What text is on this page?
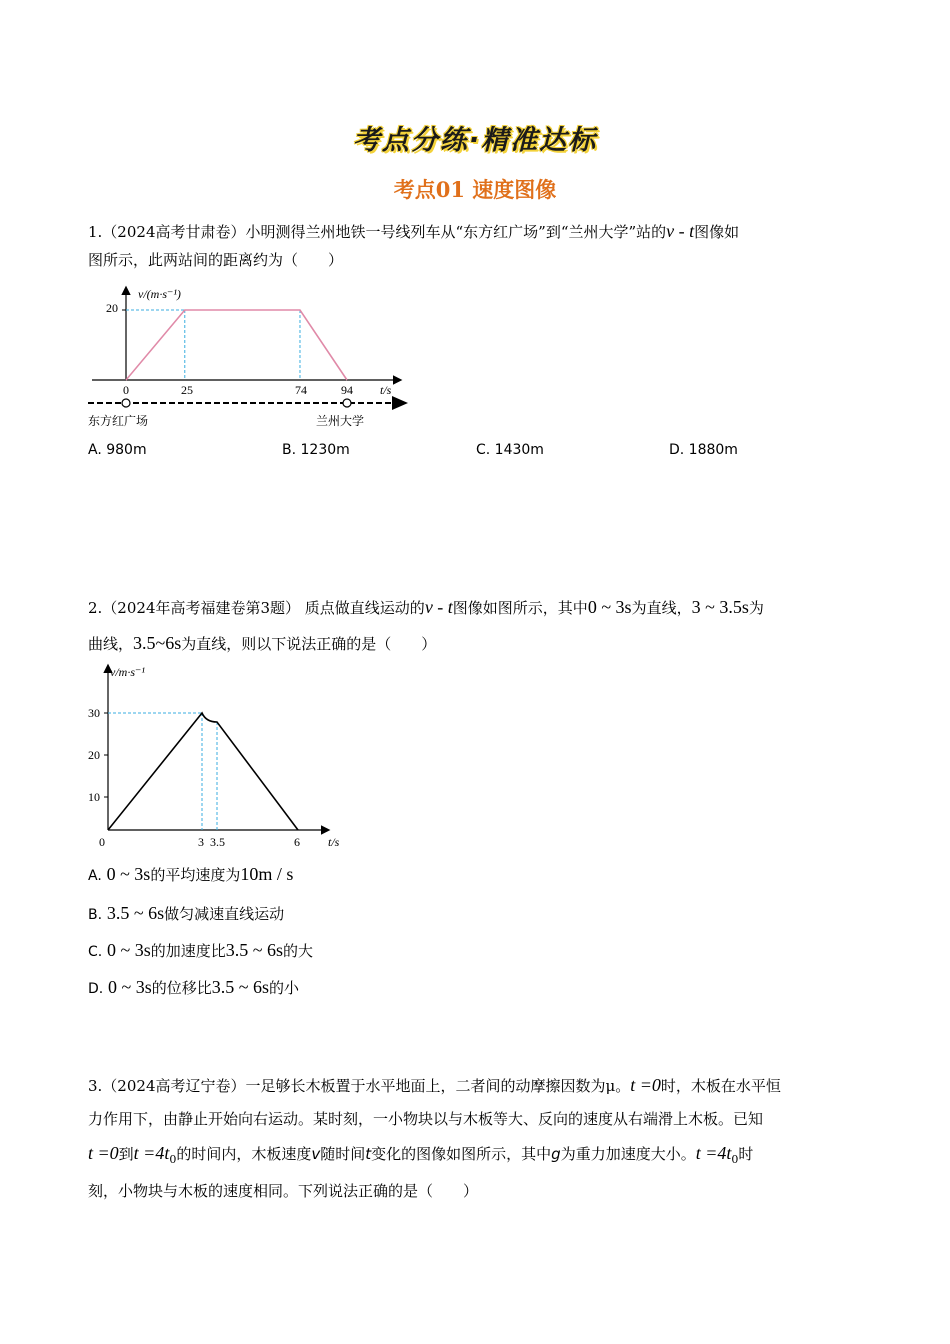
考点分练·精准达标
考点01 速度图像
1.（2024高考甘肃卷）小明测得兰州地铁一号线列车从“东方红广场”到“兰州大学”站的v - t图像如
图所示，此两站间的距离约为（　　）
v/(m·s⁻¹)
t/s
20
0	25	74	94
东方红广场	兰州大学
A. 980m	B. 1230m	C. 1430m	D. 1880m
2.（2024年高考福建卷第3题） 质点做直线运动的v - t图像如图所示，其中0 ~ 3s为直线，3 ~ 3.5s为
曲线，3.5~6s为直线，则以下说法正确的是（　　）
v/m·s⁻¹
t/s
30
20
10
0	3 3.5	6
A. 0 ~ 3s的平均速度为10m / s
B. 3.5 ~ 6s做匀减速直线运动
C. 0 ~ 3s的加速度比3.5 ~ 6s的大
D. 0 ~ 3s的位移比3.5 ~ 6s的小
3.（2024高考辽宁卷）一足够长木板置于水平地面上，二者间的动摩擦因数为μ。t =0时，木板在水平恒
力作用下，由静止开始向右运动。某时刻，一小物块以与木板等大、反向的速度从右端滑上木板。已知
t =0到$t =4t_0$的时间内，木板速度v随时间t变化的图像如图所示，其中g为重力加速度大小。$t =4t_0$时
刻，小物块与木板的速度相同。下列说法正确的是（　　）
